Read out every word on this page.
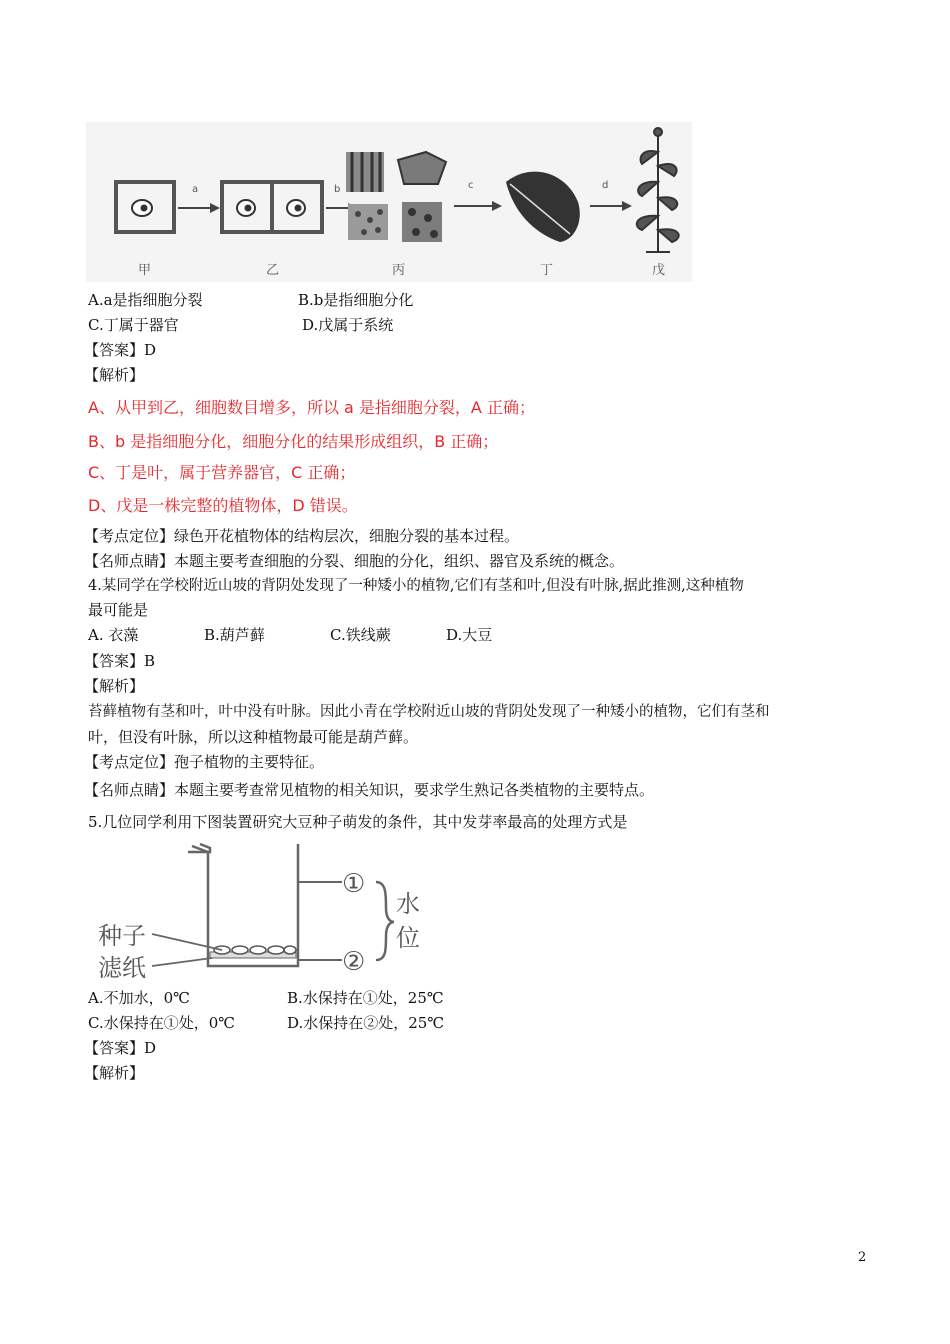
a	b	c	d
甲	乙	丙	丁	戊
A.a是指细胞分裂	B.b是指细胞分化
C.丁属于器官	D.戊属于系统
【答案】D
【解析】
A、从甲到乙，细胞数目增多，所以 a 是指细胞分裂，A 正确；
B、b 是指细胞分化，细胞分化的结果形成组织，B 正确；
C、丁是叶，属于营养器官，C 正确；
D、戊是一株完整的植物体，D 错误。
【考点定位】绿色开花植物体的结构层次，细胞分裂的基本过程。
【名师点睛】本题主要考查细胞的分裂、细胞的分化，组织、器官及系统的概念。
4.某同学在学校附近山坡的背阴处发现了一种矮小的植物,它们有茎和叶,但没有叶脉,据此推测,这种植物
最可能是
A. 衣藻	B.葫芦藓	C.铁线蕨	D.大豆
【答案】B
【解析】
苔藓植物有茎和叶，叶中没有叶脉。因此小青在学校附近山坡的背阴处发现了一种矮小的植物，它们有茎和
叶，但没有叶脉，所以这种植物最可能是葫芦藓。
【考点定位】孢子植物的主要特征。
【名师点睛】本题主要考查常见植物的相关知识，要求学生熟记各类植物的主要特点。
5.几位同学利用下图装置研究大豆种子萌发的条件，其中发芽率最高的处理方式是
①
②
水位
种子
滤纸
A.不加水，0℃	B.水保持在①处，25℃
C.水保持在①处，0℃	D.水保持在②处，25℃
【答案】D
【解析】
2
